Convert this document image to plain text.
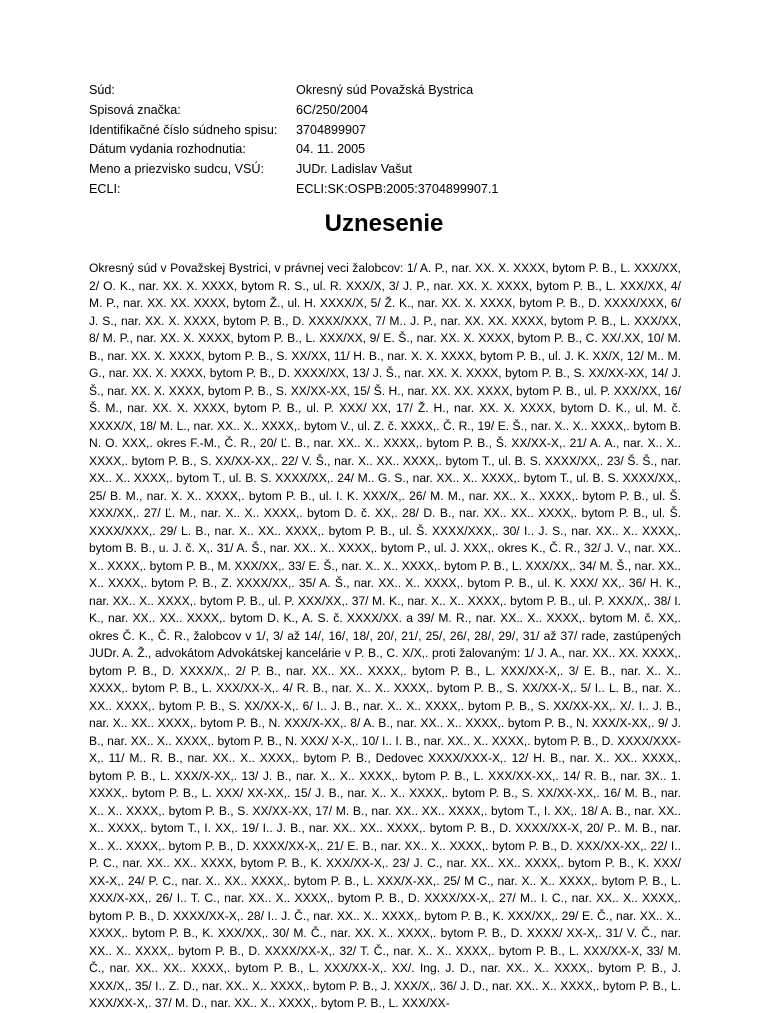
Súd:	Okresný súd Považská Bystrica
Spisová značka:	6C/250/2004
Identifikačné číslo súdneho spisu:	3704899907
Dátum vydania rozhodnutia:	04. 11. 2005
Meno a priezvisko sudcu, VSÚ:	JUDr. Ladislav Vašut
ECLI:	ECLI:SK:OSPB:2005:3704899907.1
Uznesenie

Okresný súd v Považskej Bystrici, v právnej veci žalobcov: 1/ A. P., nar. XX. X. XXXX, bytom P. B., L. XXX/XX, 2/ O. K., nar. XX. X. XXXX, bytom R. S., ul. R. XXX/X, 3/ J. P., nar. XX. X. XXXX, bytom P. B., L. XXX/XX, 4/ M. P., nar. XX. XX. XXXX, bytom Ž., ul. H. XXXX/X, 5/ Ž. K., nar. XX. X. XXXX, bytom P. B., D. XXXX/XXX, 6/ J. S., nar. XX. X. XXXX, bytom P. B., D. XXXX/XXX, 7/ M.. J. P., nar. XX. XX. XXXX, bytom P. B., L. XXX/XX, 8/ M. P., nar. XX. X. XXXX, bytom P. B., L. XXX/XX, 9/ E. Š., nar. XX. X. XXXX, bytom P. B., C. XX/.XX, 10/ M. B., nar. XX. X. XXXX, bytom P. B., S. XX/XX, 11/ H. B., nar. X. X. XXXX, bytom P. B., ul. J. K. XX/X, 12/ M.. M. G., nar. XX. X. XXXX, bytom P. B., D. XXXX/XX, 13/ J. Š., nar. XX. X. XXXX, bytom P. B., S. XX/XX-XX, 14/ J. Š., nar. XX. X. XXXX, bytom P. B., S. XX/XX-XX, 15/ Š. H., nar. XX. XX. XXXX, bytom P. B., ul. P. XXX/XX, 16/ Š. M., nar. XX. X. XXXX, bytom P. B., ul. P. XXX/ XX, 17/ Ž. H., nar. XX. X. XXXX, bytom D. K., ul. M. č. XXXX/X, 18/ M. L., nar. XX.. X.. XXXX,. bytom V., ul. Z. č. XXXX,. Č. R., 19/ E. Š., nar. X.. X.. XXXX,. bytom B. N. O. XXX,. okres F.-M., Č. R., 20/ Ľ. B., nar. XX.. X.. XXXX,. bytom P. B., Š. XX/XX-X,. 21/ A. A., nar. X.. X.. XXXX,. bytom P. B., S. XX/XX-XX,. 22/ V. Š., nar. X.. XX.. XXXX,. bytom T., ul. B. S. XXXX/XX,. 23/ Š. Š., nar. XX.. X.. XXXX,. bytom T., ul. B. S. XXXX/XX,. 24/ M.. G. S., nar. XX.. X.. XXXX,. bytom T., ul. B. S. XXXX/XX,. 25/ B. M., nar. X. X.. XXXX,. bytom P. B., ul. I. K. XXX/X,. 26/ M. M., nar. XX.. X.. XXXX,. bytom P. B., ul. Š. XXX/XX,. 27/ Ľ. M., nar. X.. X.. XXXX,. bytom D. č. XX,. 28/ D. B., nar. XX.. XX.. XXXX,. bytom P. B., ul. Š. XXXX/XXX,. 29/ L. B., nar. X.. XX.. XXXX,. bytom P. B., ul. Š. XXXX/XXX,. 30/ I.. J. S., nar. XX.. X.. XXXX,. bytom B. B., u. J. č. X,. 31/ A. Š., nar. XX.. X.. XXXX,. bytom P., ul. J. XXX,. okres K., Č. R., 32/ J. V., nar. XX.. X.. XXXX,. bytom P. B., M. XXX/XX,. 33/ E. Š., nar. X.. X.. XXXX,. bytom P. B., L. XXX/XX,. 34/ M. Š., nar. XX.. X.. XXXX,. bytom P. B., Z. XXXX/XX,. 35/ A. Š., nar. XX.. X.. XXXX,. bytom P. B., ul. K. XXX/ XX,. 36/ H. K., nar. XX.. X.. XXXX,. bytom P. B., ul. P. XXX/XX,. 37/ M. K., nar. X.. X.. XXXX,. bytom P. B., ul. P. XXX/X,. 38/ I. K., nar. XX.. XX.. XXXX,. bytom D. K., A. S. č. XXXX/XX. a 39/ M. R., nar. XX.. X.. XXXX,. bytom M. č. XX,. okres Č. K., Č. R., žalobcov v 1/, 3/ až 14/, 16/, 18/, 20/, 21/, 25/, 26/, 28/, 29/, 31/ až 37/ rade, zastúpených JUDr. A. Ž., advokátom Advokátskej kancelárie v P. B., C. X/X,. proti žalovaným: 1/ J. A., nar. XX.. XX. XXXX,. bytom P. B., D. XXXX/X,. 2/ P. B., nar. XX.. XX.. XXXX,. bytom P. B., L. XXX/XX-X,. 3/ E. B., nar. X.. X.. XXXX,. bytom P. B., L. XXX/XX-X,. 4/ R. B., nar. X.. X.. XXXX,. bytom P. B., S. XX/XX-X,. 5/ I.. L. B., nar. X.. XX.. XXXX,. bytom P. B., S. XX/XX-X,. 6/ I.. J. B., nar. X.. X.. XXXX,. bytom P. B., S. XX/XX-XX,. X/. I.. J. B., nar. X.. XX.. XXXX,. bytom P. B., N. XXX/X-XX,. 8/ A. B., nar. XX.. X.. XXXX,. bytom P. B., N. XXX/X-XX,. 9/ J. B., nar. XX.. X.. XXXX,. bytom P. B., N. XXX/ X-X,. 10/ I.. I. B., nar. XX.. X.. XXXX,. bytom P. B., D. XXXX/XXX-X,. 11/ M.. R. B., nar. XX.. X.. XXXX,. bytom P. B., Dedovec XXXX/XXX-X,. 12/ H. B., nar. X.. XX.. XXXX,. bytom P. B., L. XXX/X-XX,. 13/ J. B., nar. X.. X.. XXXX,. bytom P. B., L. XXX/XX-XX,. 14/ R. B., nar. 3X.. 1. XXXX,. bytom P. B., L. XXX/ XX-XX,. 15/ J. B., nar. X.. X.. XXXX,. bytom P. B., S. XX/XX-XX,. 16/ M. B., nar. X.. X.. XXXX,. bytom P. B., S. XX/XX-XX, 17/ M. B., nar. XX.. XX.. XXXX,. bytom T., I. XX,. 18/ A. B., nar. XX.. X.. XXXX,. bytom T., I. XX,. 19/ I.. J. B., nar. XX.. XX.. XXXX,. bytom P. B., D. XXXX/XX-X, 20/ P.. M. B., nar. X.. X.. XXXX,. bytom P. B., D. XXXX/XX-X,. 21/ E. B., nar. XX.. X.. XXXX,. bytom P. B., D. XXX/XX-XX,. 22/ I.. P. C., nar. XX.. XX.. XXXX, bytom P. B., K. XXX/XX-X,. 23/ J. C., nar. XX.. XX.. XXXX,. bytom P. B., K. XXX/ XX-X,. 24/ P. C., nar. X.. XX.. XXXX,. bytom P. B., L. XXX/X-XX,. 25/ M C., nar. X.. X.. XXXX,. bytom P. B., L. XXX/X-XX,. 26/ I.. T. C., nar. XX.. X.. XXXX,. bytom P. B., D. XXXX/XX-X,. 27/ M.. I. C., nar. XX.. X.. XXXX,. bytom P. B., D. XXXX/XX-X,. 28/ I.. J. Č., nar. XX.. X.. XXXX,. bytom P. B., K. XXX/XX,. 29/ E. Č., nar. XX.. X.. XXXX,. bytom P. B., K. XXX/XX,. 30/ M. Č., nar. XX. X.. XXXX,. bytom P. B., D. XXXX/ XX-X,. 31/ V. Č., nar. XX.. X.. XXXX,. bytom P. B., D. XXXX/XX-X,. 32/ T. Č., nar. X.. X.. XXXX,. bytom P. B., L. XXX/XX-X, 33/ M. Č., nar. XX.. XX.. XXXX,. bytom P. B., L. XXX/XX-X,. XX/. Ing. J. D., nar. XX.. X.. XXXX,. bytom P. B., J. XXX/X,. 35/ I.. Z. D., nar. XX.. X.. XXXX,. bytom P. B., J. XXX/X,. 36/ J. D., nar. XX.. X.. XXXX,. bytom P. B., L. XXX/XX-X,. 37/ M. D., nar. XX.. X.. XXXX,. bytom P. B., L. XXX/XX-
